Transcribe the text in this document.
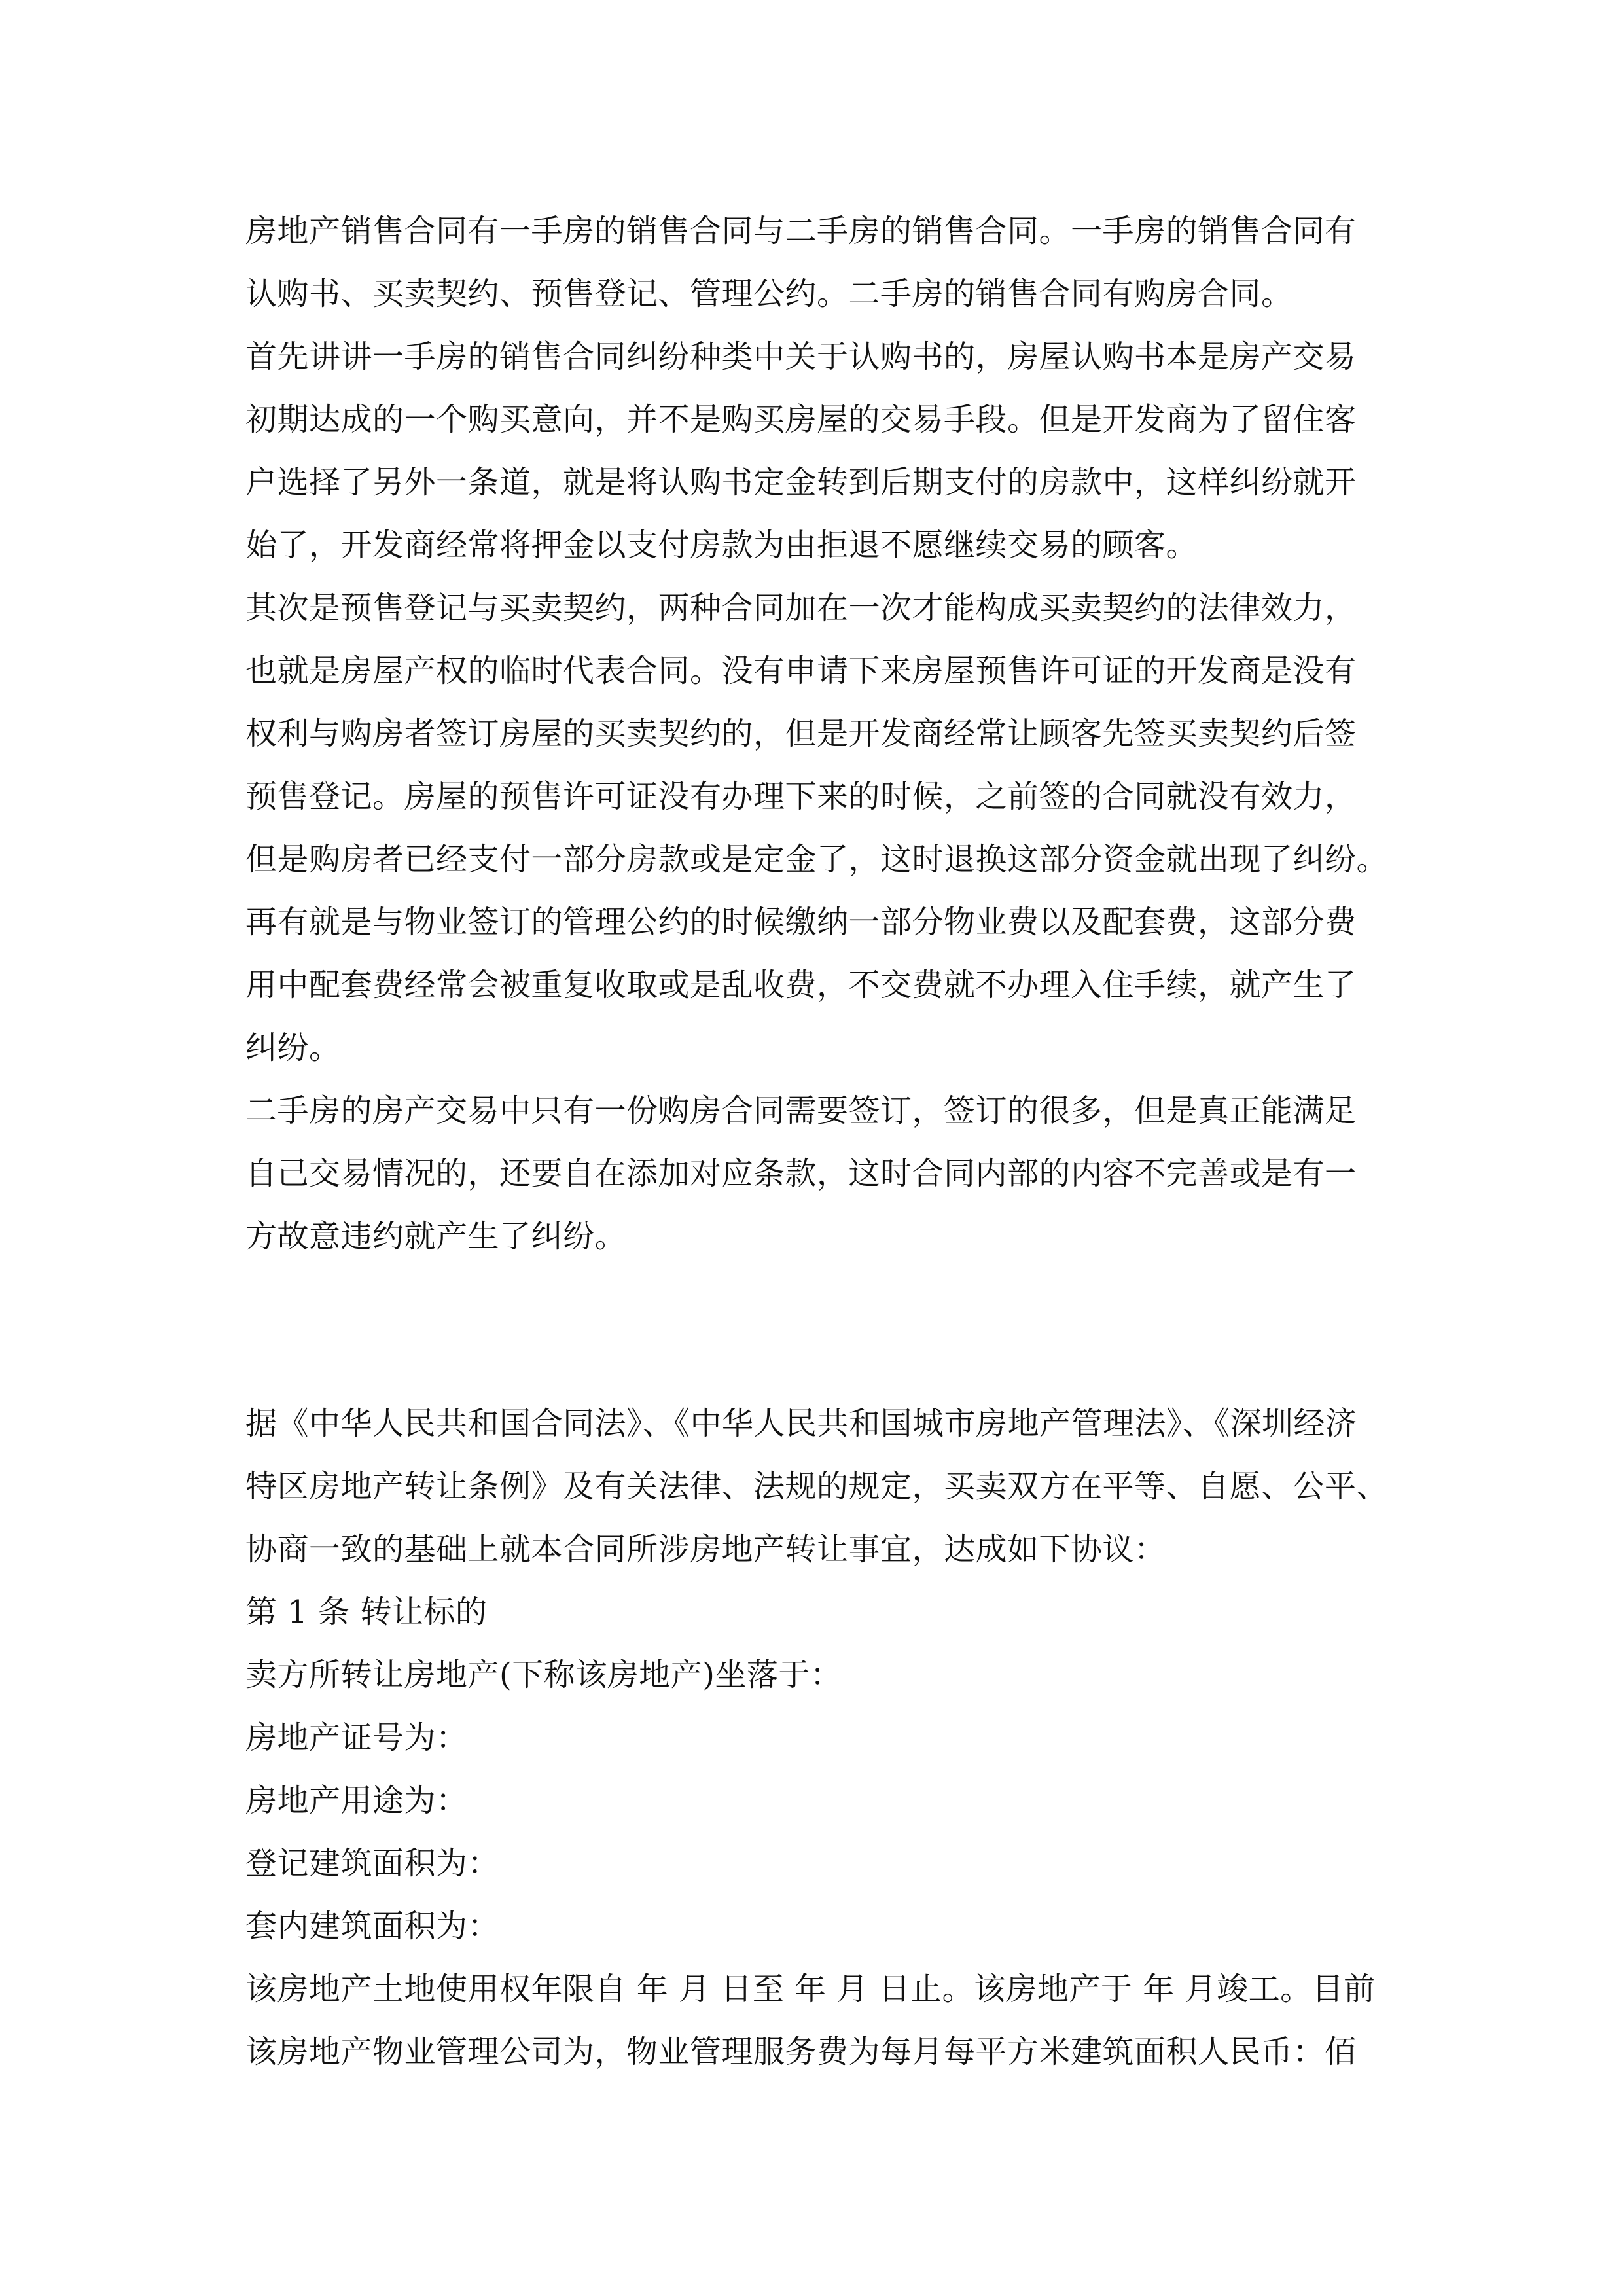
房地产销售合同有一手房的销售合同与二手房的销售合同。一手房的销售合同有
认购书、买卖契约、预售登记、管理公约。二手房的销售合同有购房合同。
首先讲讲一手房的销售合同纠纷种类中关于认购书的，房屋认购书本是房产交易
初期达成的一个购买意向，并不是购买房屋的交易手段。但是开发商为了留住客
户选择了另外一条道，就是将认购书定金转到后期支付的房款中，这样纠纷就开
始了，开发商经常将押金以支付房款为由拒退不愿继续交易的顾客。
其次是预售登记与买卖契约，两种合同加在一次才能构成买卖契约的法律效力，
也就是房屋产权的临时代表合同。没有申请下来房屋预售许可证的开发商是没有
权利与购房者签订房屋的买卖契约的，但是开发商经常让顾客先签买卖契约后签
预售登记。房屋的预售许可证没有办理下来的时候，之前签的合同就没有效力，
但是购房者已经支付一部分房款或是定金了，这时退换这部分资金就出现了纠纷。
再有就是与物业签订的管理公约的时候缴纳一部分物业费以及配套费，这部分费
用中配套费经常会被重复收取或是乱收费，不交费就不办理入住手续，就产生了
纠纷。
二手房的房产交易中只有一份购房合同需要签订，签订的很多，但是真正能满足
自己交易情况的，还要自在添加对应条款，这时合同内部的内容不完善或是有一
方故意违约就产生了纠纷。
据《中华人民共和国合同法》、《中华人民共和国城市房地产管理法》、《深圳经济
特区房地产转让条例》及有关法律、法规的规定，买卖双方在平等、自愿、公平、
协商一致的基础上就本合同所涉房地产转让事宜，达成如下协议：
第 1 条 转让标的
卖方所转让房地产(下称该房地产)坐落于：
房地产证号为：
房地产用途为：
登记建筑面积为：
套内建筑面积为：
该房地产土地使用权年限自 年 月 日至 年 月 日止。该房地产于 年 月竣工。目前
该房地产物业管理公司为，物业管理服务费为每月每平方米建筑面积人民币：佰
